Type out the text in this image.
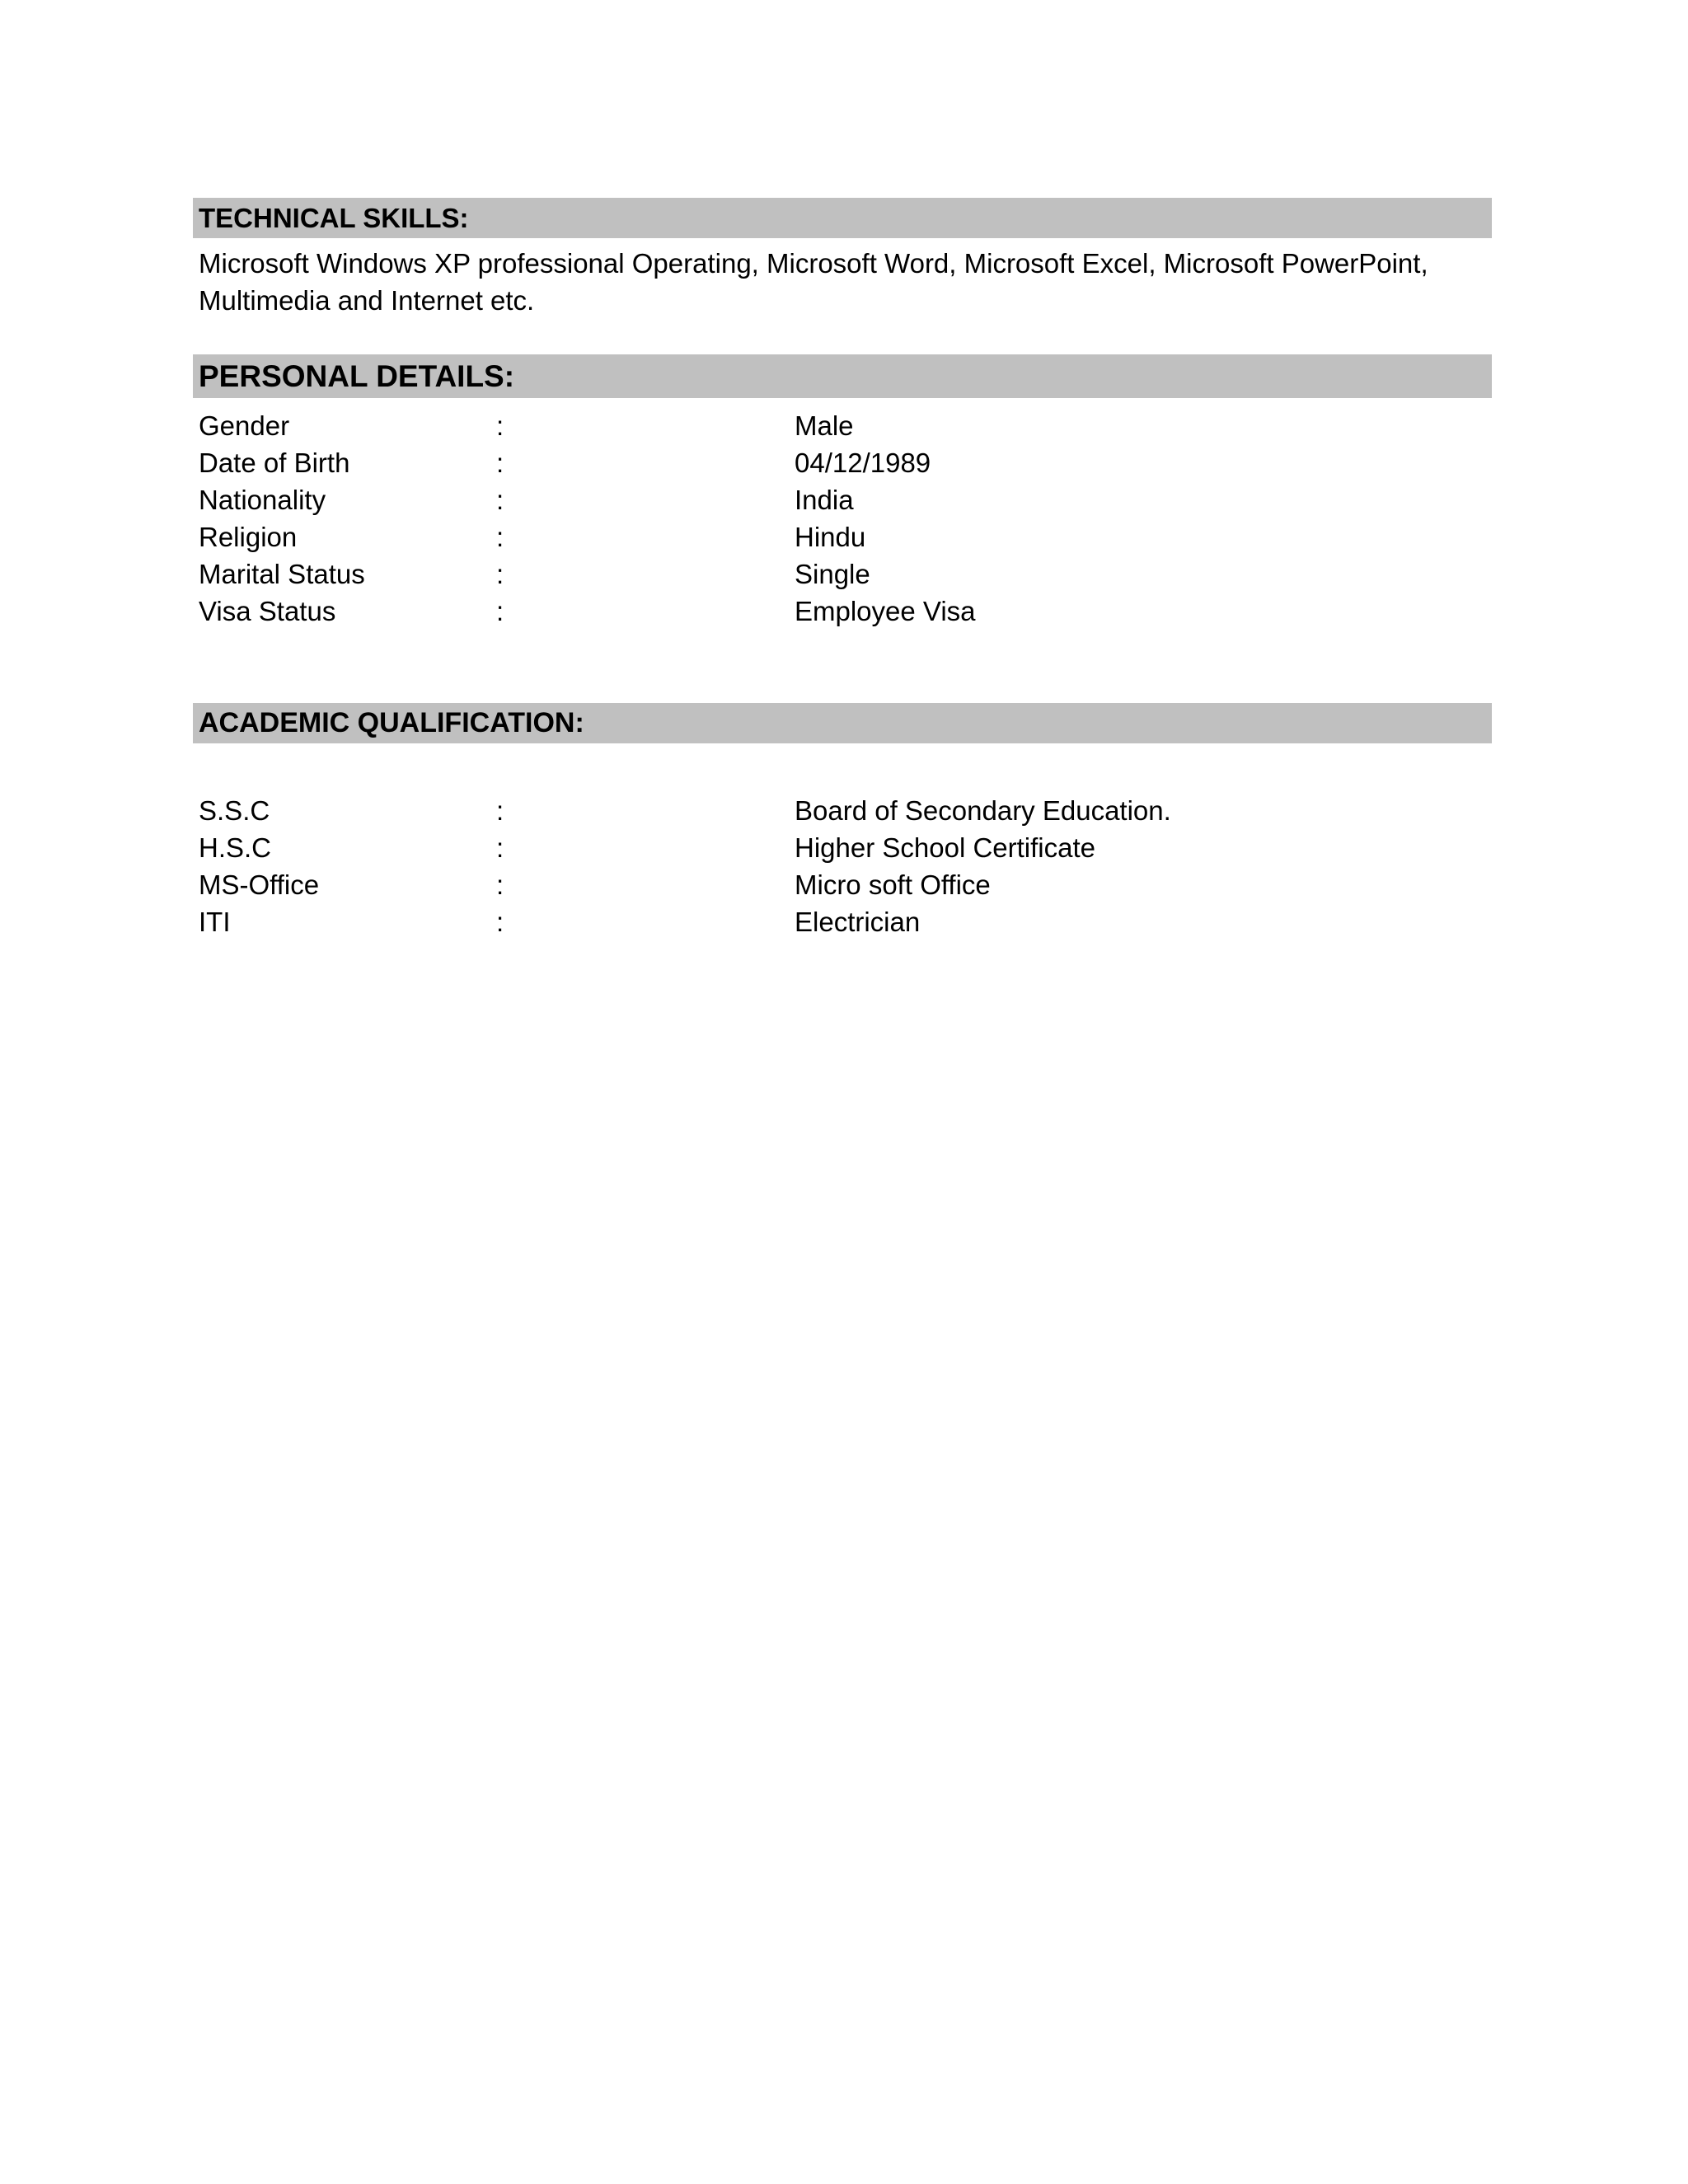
TECHNICAL SKILLS:
Microsoft Windows XP professional Operating, Microsoft Word, Microsoft Excel, Microsoft PowerPoint, Multimedia and Internet etc.
PERSONAL DETAILS:
Gender	:	Male
Date of Birth	:	04/12/1989
Nationality	:	India
Religion	:	Hindu
Marital Status	:	Single
Visa Status	:	Employee Visa
ACADEMIC QUALIFICATION:
S.S.C	:	Board of Secondary Education.
H.S.C	:	Higher School Certificate
MS-Office	:	Micro soft Office
ITI	:	Electrician
